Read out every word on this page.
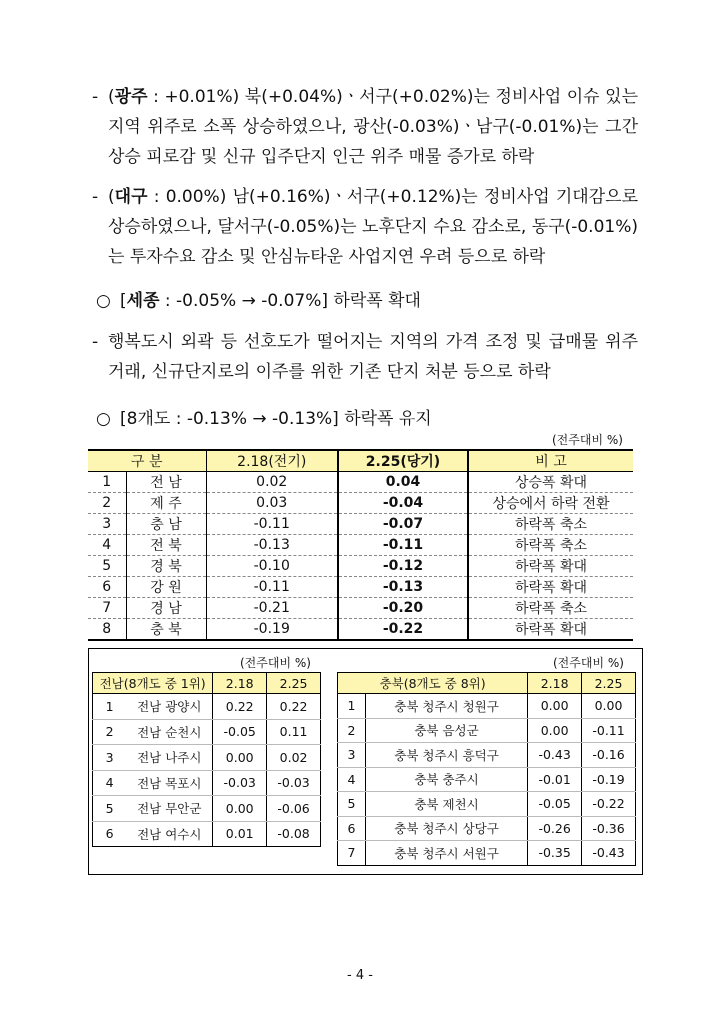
- (광주 : +0.01%) 북(+0.04%)ㆍ서구(+0.02%)는 정비사업 이슈 있는 지역 위주로 소폭 상승하였으나, 광산(-0.03%)ㆍ남구(-0.01%)는 그간 상승 피로감 및 신규 입주단지 인근 위주 매물 증가로 하락
- (대구 : 0.00%) 남(+0.16%)ㆍ서구(+0.12%)는 정비사업 기대감으로 상승하였으나, 달서구(-0.05%)는 노후단지 수요 감소로, 동구(-0.01%)는 투자수요 감소 및 안심뉴타운 사업지연 우려 등으로 하락
○ [세종 : -0.05% → -0.07%] 하락폭 확대
- 행복도시 외곽 등 선호도가 떨어지는 지역의 가격 조정 및 급매물 위주 거래, 신규단지로의 이주를 위한 기존 단지 처분 등으로 하락
○ [8개도 : -0.13% → -0.13%] 하락폭 유지
(전주대비 %)
구 분		2.18(전기)	2.25(당기)	비 고
1	전 남	0.02	0.04	상승폭 확대
2	제 주	0.03	-0.04	상승에서 하락 전환
3	충 남	-0.11	-0.07	하락폭 축소
4	전 북	-0.13	-0.11	하락폭 축소
5	경 북	-0.10	-0.12	하락폭 확대
6	강 원	-0.11	-0.13	하락폭 확대
7	경 남	-0.21	-0.20	하락폭 축소
8	충 북	-0.19	-0.22	하락폭 확대
(전주대비 %)	(전주대비 %)
전남(8개도 중 1위)		2.18	2.25
1	전남 광양시	0.22	0.22
2	전남 순천시	-0.05	0.11
3	전남 나주시	0.00	0.02
4	전남 목포시	-0.03	-0.03
5	전남 무안군	0.00	-0.06
6	전남 여수시	0.01	-0.08
충북(8개도 중 8위)		2.18	2.25
1	충북 청주시 청원구	0.00	0.00
2	충북 음성군	0.00	-0.11
3	충북 청주시 흥덕구	-0.43	-0.16
4	충북 충주시	-0.01	-0.19
5	충북 제천시	-0.05	-0.22
6	충북 청주시 상당구	-0.26	-0.36
7	충북 청주시 서원구	-0.35	-0.43
- 4 -
